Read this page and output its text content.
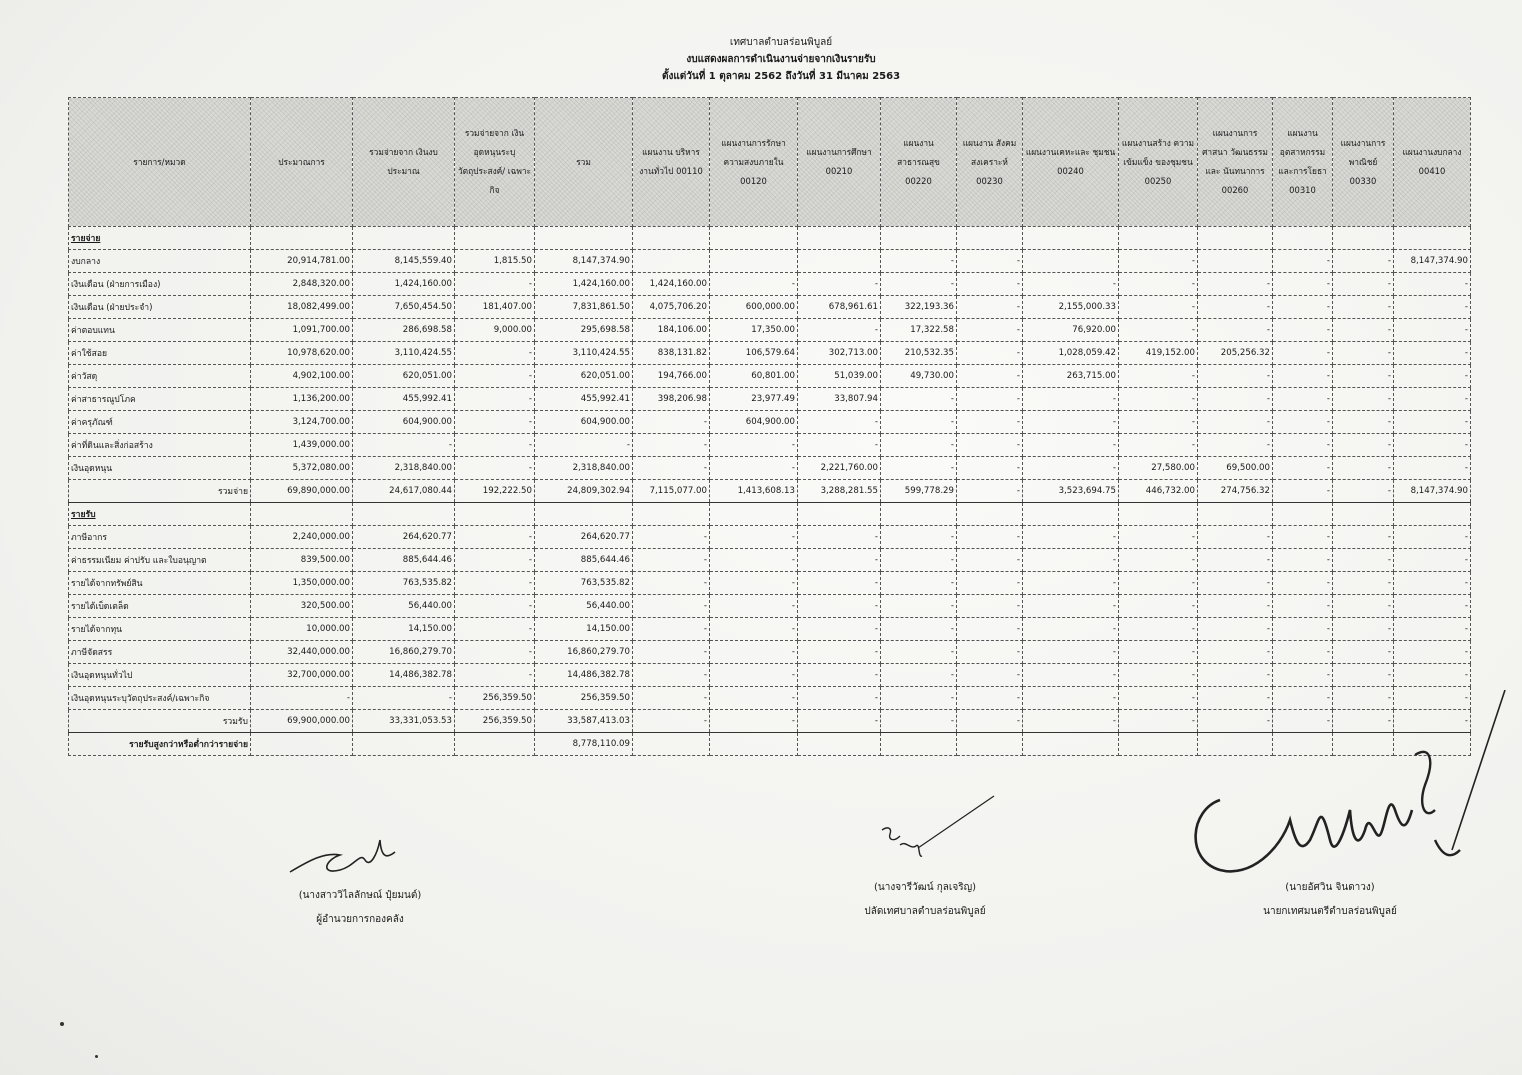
เทศบาลตำบลร่อนพิบูลย์
งบแสดงผลการดำเนินงานจ่ายจากเงินรายรับ
ตั้งแต่วันที่ 1 ตุลาคม 2562 ถึงวันที่ 31 มีนาคม 2563
รายการ/หมวด	ประมาณการ	รวมจ่ายจาก เงินงบประมาณ	รวมจ่ายจาก เงินอุดหนุนระบุ วัตถุประสงค์/ เฉพาะกิจ	รวม	แผนงาน บริหารงานทั่วไป 00110	แผนงานการรักษา ความสงบภายใน 00120	แผนงานการศึกษา 00210	แผนงาน สาธารณสุข 00220	แผนงาน สังคม สงเคราะห์ 00230	แผนงานเคหะและ ชุมชน 00240	แผนงานสร้าง ความเข้มแข็ง ของชุมชน 00250	แผนงานการ ศาสนา วัฒนธรรมและ นันทนาการ 00260	แผนงาน อุตสาหกรรม และการโยธา 00310	แผนงานการ พาณิชย์ 00330	แผนงานงบกลาง 00410
รายจ่าย															
งบกลาง	20,914,781.00	8,145,559.40	1,815.50	8,147,374.90				-	-		-		-	-	8,147,374.90
เงินเดือน (ฝ่ายการเมือง)	2,848,320.00	1,424,160.00	-	1,424,160.00	1,424,160.00	-	-	-	-	-	-	-	-	-	-
เงินเดือน (ฝ่ายประจำ)	18,082,499.00	7,650,454.50	181,407.00	7,831,861.50	4,075,706.20	600,000.00	678,961.61	322,193.36	-	2,155,000.33	-	-	-	-	-
ค่าตอบแทน	1,091,700.00	286,698.58	9,000.00	295,698.58	184,106.00	17,350.00	-	17,322.58	-	76,920.00	-	-	-	-	-
ค่าใช้สอย	10,978,620.00	3,110,424.55	-	3,110,424.55	838,131.82	106,579.64	302,713.00	210,532.35	-	1,028,059.42	419,152.00	205,256.32	-	-	-
ค่าวัสดุ	4,902,100.00	620,051.00	-	620,051.00	194,766.00	60,801.00	51,039.00	49,730.00	-	263,715.00	-	-	-	-	-
ค่าสาธารณูปโภค	1,136,200.00	455,992.41	-	455,992.41	398,206.98	23,977.49	33,807.94	-	-	-	-	-	-	-	-
ค่าครุภัณฑ์	3,124,700.00	604,900.00	-	604,900.00	-	604,900.00	-	-	-	-	-	-	-	-	-
ค่าที่ดินและสิ่งก่อสร้าง	1,439,000.00	-	-	-	-	-	-	-	-	-	-	-	-	-	-
เงินอุดหนุน	5,372,080.00	2,318,840.00	-	2,318,840.00	-	-	2,221,760.00	-	-	-	27,580.00	69,500.00	-	-	-
รวมจ่าย	69,890,000.00	24,617,080.44	192,222.50	24,809,302.94	7,115,077.00	1,413,608.13	3,288,281.55	599,778.29	-	3,523,694.75	446,732.00	274,756.32	-	-	8,147,374.90
รายรับ															
ภาษีอากร	2,240,000.00	264,620.77	-	264,620.77	-	-	-	-	-	-	-	-	-	-	-
ค่าธรรมเนียม ค่าปรับ และใบอนุญาต	839,500.00	885,644.46	-	885,644.46	-	-	-	-	-	-	-	-	-	-	-
รายได้จากทรัพย์สิน	1,350,000.00	763,535.82	-	763,535.82	-	-	-	-	-	-	-	-	-	-	-
รายได้เบ็ดเตล็ด	320,500.00	56,440.00	-	56,440.00	-	-	-	-	-	-	-	-	-	-	-
รายได้จากทุน	10,000.00	14,150.00	-	14,150.00	-	-	-	-	-	-	-	-	-	-	-
ภาษีจัดสรร	32,440,000.00	16,860,279.70	-	16,860,279.70	-	-	-	-	-	-	-	-	-	-	-
เงินอุดหนุนทั่วไป	32,700,000.00	14,486,382.78	-	14,486,382.78	-	-	-	-	-	-	-	-	-	-	-
เงินอุดหนุนระบุวัตถุประสงค์/เฉพาะกิจ	-	-	256,359.50	256,359.50	-	-	-	-	-	-	-	-	-	-	-
รวมรับ	69,900,000.00	33,331,053.53	256,359.50	33,587,413.03	-	-	-	-	-	-	-	-	-	-	-
รายรับสูงกว่าหรือต่ำกว่ารายจ่าย				8,778,110.09											
(นางสาววิไลลักษณ์ ปุ๋ยมนต์)
ผู้อำนวยการกองคลัง
(นางจารีวัฒน์ กุลเจริญ)
ปลัดเทศบาลตำบลร่อนพิบูลย์
(นายอัศวิน จินดาวง)
นายกเทศมนตรีตำบลร่อนพิบูลย์
